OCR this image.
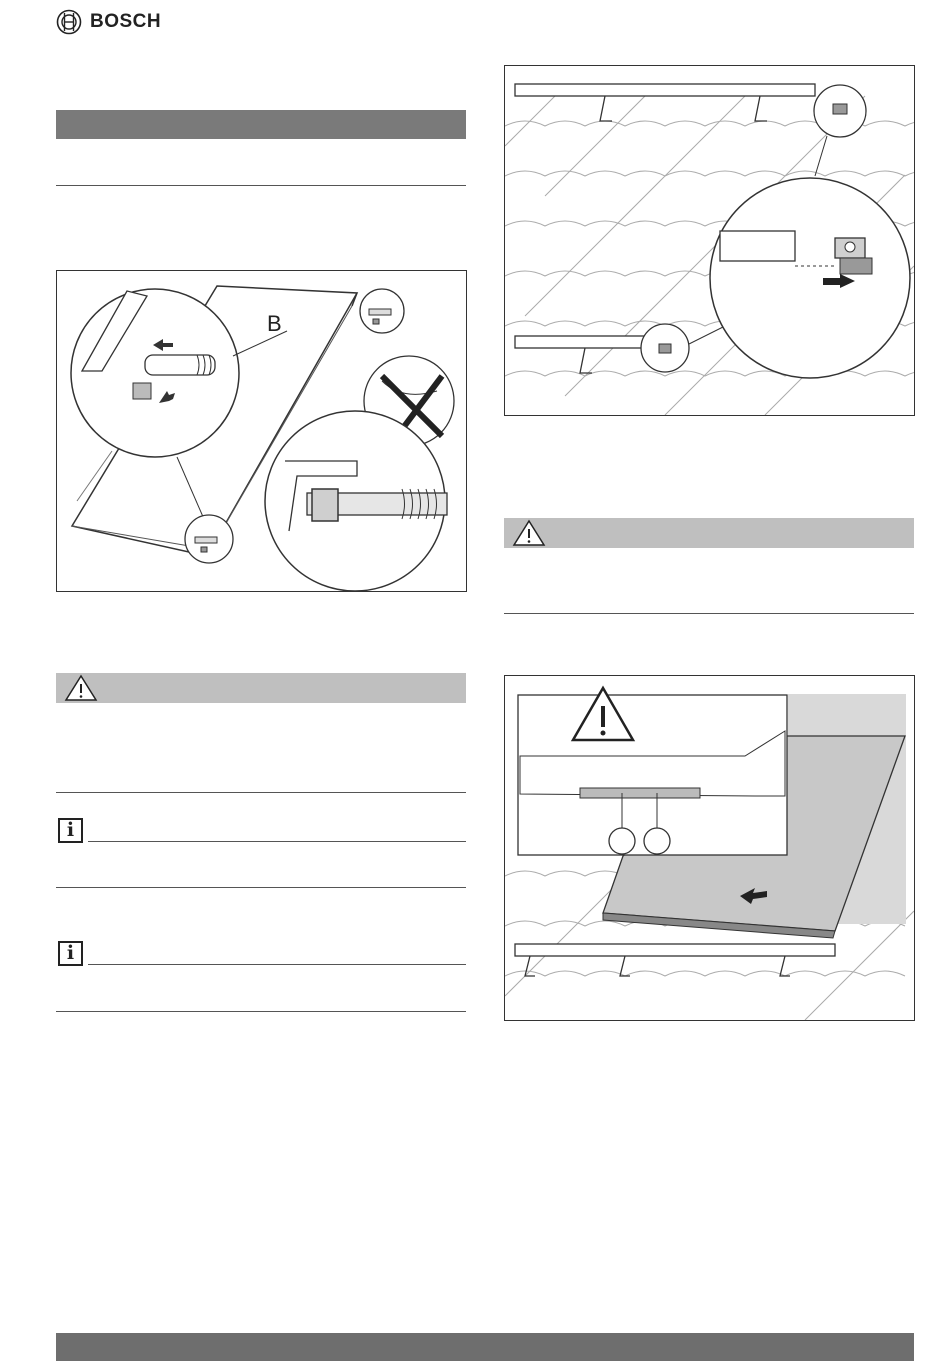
BOSCH
B
i
i
